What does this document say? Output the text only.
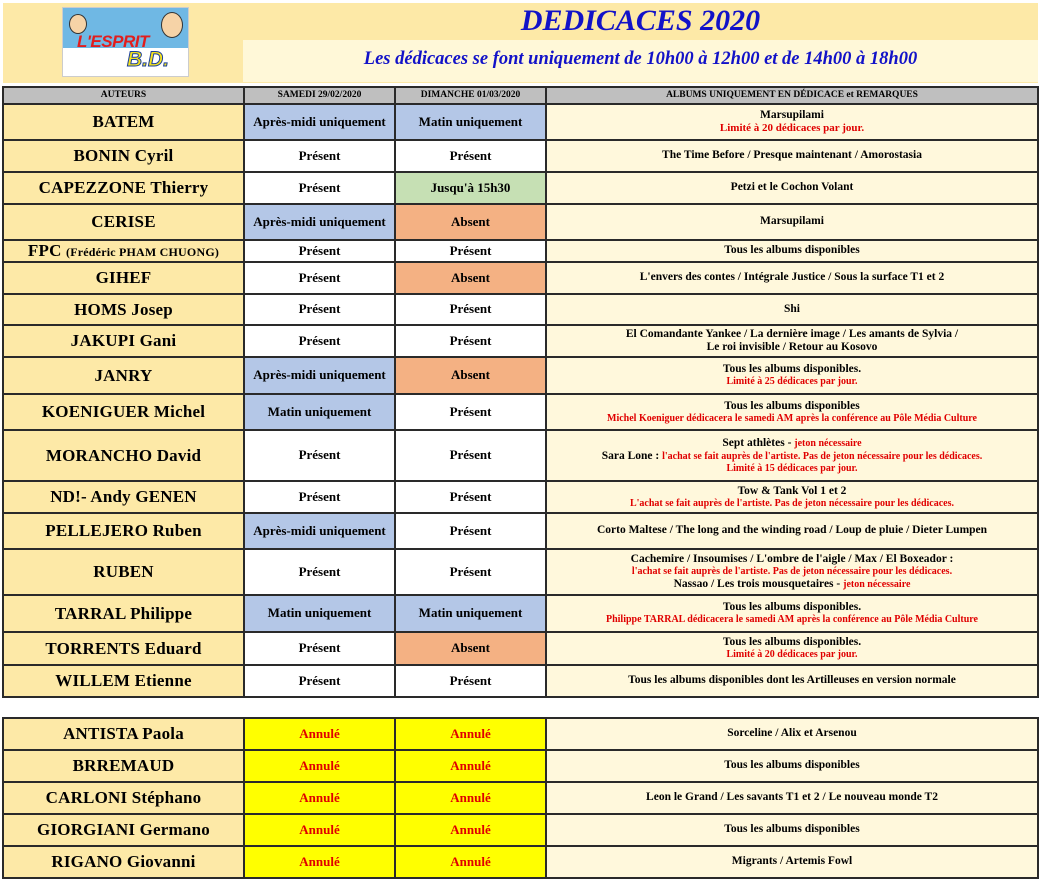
L'ESPRIT
B.D.
DEDICACES 2020
Les dédicaces se font uniquement de 10h00 à 12h00 et de 14h00 à 18h00
AUTEURS	SAMEDI 29/02/2020	DIMANCHE 01/03/2020	ALBUMS UNIQUEMENT EN DÉDICACE et REMARQUES
BATEM	Après-midi uniquement	Matin uniquement	Marsupilami
Limité à 20 dédicaces par jour.

BONIN Cyril	Présent	Présent	The Time Before / Presque maintenant / Amorostasia
CAPEZZONE Thierry	Présent	Jusqu'à 15h30	Petzi et le Cochon Volant
CERISE	Après-midi uniquement	Absent	Marsupilami
FPC (Frédéric PHAM CHUONG)	Présent	Présent	Tous les albums disponibles
GIHEF	Présent	Absent	L'envers des contes / Intégrale Justice / Sous la surface T1 et 2
HOMS Josep	Présent	Présent	Shi
JAKUPI Gani	Présent	Présent	El Comandante Yankee / La dernière image / Les amants de Sylvia /
Le roi invisible / Retour au Kosovo

JANRY	Après-midi uniquement	Absent	Tous les albums disponibles.
Limité à 25 dédicaces par jour.

KOENIGUER Michel	Matin uniquement	Présent	Tous les albums disponibles
Michel Koeniguer dédicacera le samedi AM après la conférence au Pôle Média Culture

MORANCHO David	Présent	Présent	Sept athlètes - jeton nécessaire
Sara Lone : l'achat se fait auprès de l'artiste. Pas de jeton nécessaire pour les dédicaces.
Limité à 15 dédicaces par jour.

ND!- Andy GENEN	Présent	Présent	Tow & Tank Vol 1 et 2
L'achat se fait auprès de l'artiste. Pas de jeton nécessaire pour les dédicaces.

PELLEJERO Ruben	Après-midi uniquement	Présent	Corto Maltese / The long and the winding road / Loup de pluie / Dieter Lumpen
RUBEN	Présent	Présent	Cachemire / Insoumises / L'ombre de l'aigle / Max / El Boxeador :
l'achat se fait auprès de l'artiste. Pas de jeton nécessaire pour les dédicaces.
Nassao / Les trois mousquetaires - jeton nécessaire

TARRAL Philippe	Matin uniquement	Matin uniquement	Tous les albums disponibles.
Philippe TARRAL dédicacera le samedi AM après la conférence au Pôle Média Culture

TORRENTS Eduard	Présent	Absent	Tous les albums disponibles.
Limité à 20 dédicaces par jour.

WILLEM Etienne	Présent	Présent	Tous les albums disponibles dont les Artilleuses en version normale
ANTISTA Paola	Annulé	Annulé	Sorceline / Alix et Arsenou
BRREMAUD	Annulé	Annulé	Tous les albums disponibles
CARLONI Stéphano	Annulé	Annulé	Leon le Grand / Les savants T1 et 2 / Le nouveau monde T2
GIORGIANI Germano	Annulé	Annulé	Tous les albums disponibles
RIGANO Giovanni	Annulé	Annulé	Migrants / Artemis Fowl
